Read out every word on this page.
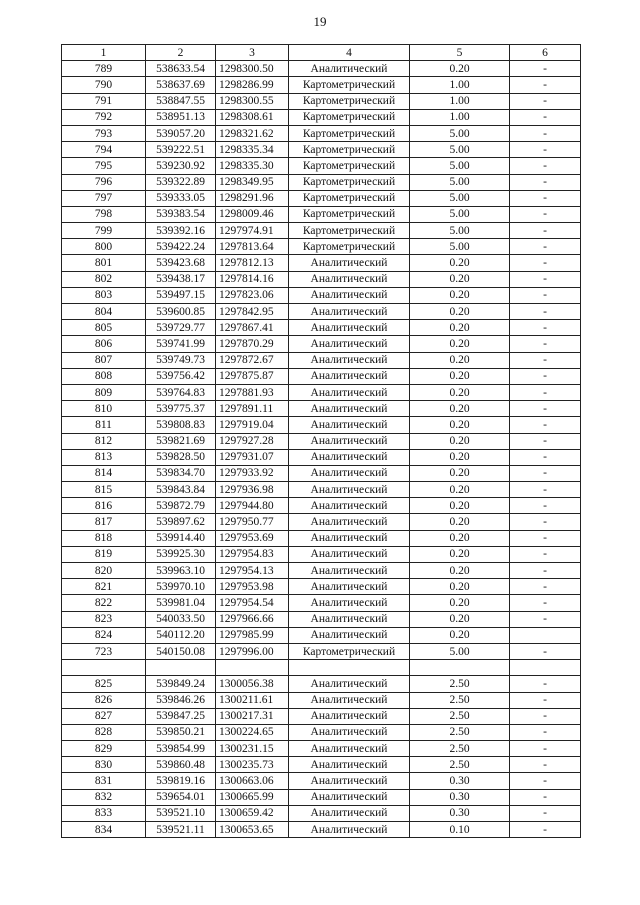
19
1	2	3	4	5	6
789	538633.54	1298300.50	Аналитический	0.20	-
790	538637.69	1298286.99	Картометрический	1.00	-
791	538847.55	1298300.55	Картометрический	1.00	-
792	538951.13	1298308.61	Картометрический	1.00	-
793	539057.20	1298321.62	Картометрический	5.00	-
794	539222.51	1298335.34	Картометрический	5.00	-
795	539230.92	1298335.30	Картометрический	5.00	-
796	539322.89	1298349.95	Картометрический	5.00	-
797	539333.05	1298291.96	Картометрический	5.00	-
798	539383.54	1298009.46	Картометрический	5.00	-
799	539392.16	1297974.91	Картометрический	5.00	-
800	539422.24	1297813.64	Картометрический	5.00	-
801	539423.68	1297812.13	Аналитический	0.20	-
802	539438.17	1297814.16	Аналитический	0.20	-
803	539497.15	1297823.06	Аналитический	0.20	-
804	539600.85	1297842.95	Аналитический	0.20	-
805	539729.77	1297867.41	Аналитический	0.20	-
806	539741.99	1297870.29	Аналитический	0.20	-
807	539749.73	1297872.67	Аналитический	0.20	-
808	539756.42	1297875.87	Аналитический	0.20	-
809	539764.83	1297881.93	Аналитический	0.20	-
810	539775.37	1297891.11	Аналитический	0.20	-
811	539808.83	1297919.04	Аналитический	0.20	-
812	539821.69	1297927.28	Аналитический	0.20	-
813	539828.50	1297931.07	Аналитический	0.20	-
814	539834.70	1297933.92	Аналитический	0.20	-
815	539843.84	1297936.98	Аналитический	0.20	-
816	539872.79	1297944.80	Аналитический	0.20	-
817	539897.62	1297950.77	Аналитический	0.20	-
818	539914.40	1297953.69	Аналитический	0.20	-
819	539925.30	1297954.83	Аналитический	0.20	-
820	539963.10	1297954.13	Аналитический	0.20	-
821	539970.10	1297953.98	Аналитический	0.20	-
822	539981.04	1297954.54	Аналитический	0.20	-
823	540033.50	1297966.66	Аналитический	0.20	-
824	540112.20	1297985.99	Аналитический	0.20	
723	540150.08	1297996.00	Картометрический	5.00	-

825	539849.24	1300056.38	Аналитический	2.50	-
826	539846.26	1300211.61	Аналитический	2.50	-
827	539847.25	1300217.31	Аналитический	2.50	-
828	539850.21	1300224.65	Аналитический	2.50	-
829	539854.99	1300231.15	Аналитический	2.50	-
830	539860.48	1300235.73	Аналитический	2.50	-
831	539819.16	1300663.06	Аналитический	0.30	-
832	539654.01	1300665.99	Аналитический	0.30	-
833	539521.10	1300659.42	Аналитический	0.30	-
834	539521.11	1300653.65	Аналитический	0.10	-
